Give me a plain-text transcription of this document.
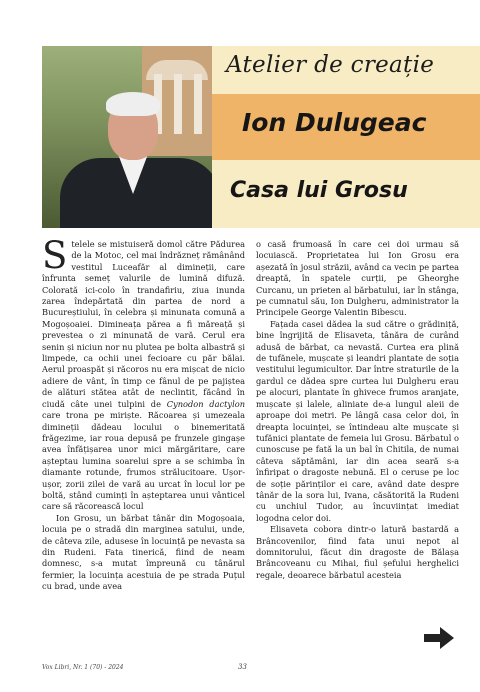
Atelier de creație
Ion Dulugeac
Casa lui Grosu

Stelele se mistuiseră domol către Pădurea de la Motoc, cel mai îndrăzneț rămânând vestitul Luceafăr al dimineții, care înfrunta semeț valurile de lumină difuză. Colorată ici-colo în trandafiriu, ziua inunda zarea îndepărtată din partea de nord a Bucureștiului, în celebra și minunata comună a Mogoșoaiei. Dimineața părea a fi măreață și prevestea o zi minunată de vară. Cerul era senin și niciun nor nu plutea pe bolta albastră și limpede, ca ochii unei fecioare cu păr bălai. Aerul proaspăt și răcoros nu era mișcat de nicio adiere de vânt, în timp ce fânul de pe pajiștea de alături stătea atât de neclintit, făcând în ciudă câte unei tulpini de Cynodon dactylon care trona pe miriște. Răcoarea și umezeala dimineții dădeau locului o binemeritată frăgezime, iar roua depusă pe frunzele gingașe avea înfățișarea unor mici mărgăritare, care așteptau lumina soarelui spre a se schimba în diamante rotunde, frumos strălucitoare. Ușor-ușor, zorii zilei de vară au urcat în locul lor pe boltă, stând cuminți în așteptarea unui vânticel care să răcorească locul

Ion Grosu, un bărbat tânăr din Mogoșoaia, locuia pe o stradă din marginea satului, unde, de câteva zile, adusese în locuință pe nevasta sa din Rudeni. Fata tinerică, fiind de neam domnesc, s-a mutat împreună cu tânărul fermier, la locuința acestuia de pe strada Puțul cu brad, unde avea

o casă frumoasă în care cei doi urmau să locuiască. Proprietatea lui Ion Grosu era așezată în josul străzii, având ca vecin pe partea dreaptă, în spatele curții, pe Gheorghe Curcanu, un prieten al bărbatului, iar în stânga, pe cumnatul său, Ion Dulgheru, administrator la Principele George Valentin Bibescu.

Fațada casei dădea la sud către o grădiniță, bine îngrijită de Elisaveta, tânăra de curând adusă de bărbat, ca nevastă. Curtea era plină de tufănele, mușcate și leandri plantate de soția vestitului legumicultor. Dar între straturile de la gardul ce dădea spre curtea lui Dulgheru erau pe alocuri, plantate în ghivece frumos aranjate, mușcate și lalele, aliniate de-a lungul aleii de aproape doi metri. Pe lângă casa celor doi, în dreapta locuinței, se întindeau alte mușcate și tufănici plantate de femeia lui Grosu. Bărbatul o cunoscuse pe fată la un bal în Chitila, de numai câteva săptămâni, iar din acea seară s-a înfiripat o dragoste nebună. El o ceruse pe loc de soție părinților ei care, având date despre tânăr de la sora lui, Ivana, căsătorită la Rudeni cu unchiul Tudor, au încuviințat imediat logodna celor doi.

Elisaveta cobora dintr-o latură bastardă a Brâncovenilor, fiind fata unui nepot al domnitorului, făcut din dragoste de Bălașa Brâncoveanu cu Mihai, fiul șefului herghelici regale, deoarece bărbatul acesteia

Vox Libri, Nr. 1 (70) - 2024	33
